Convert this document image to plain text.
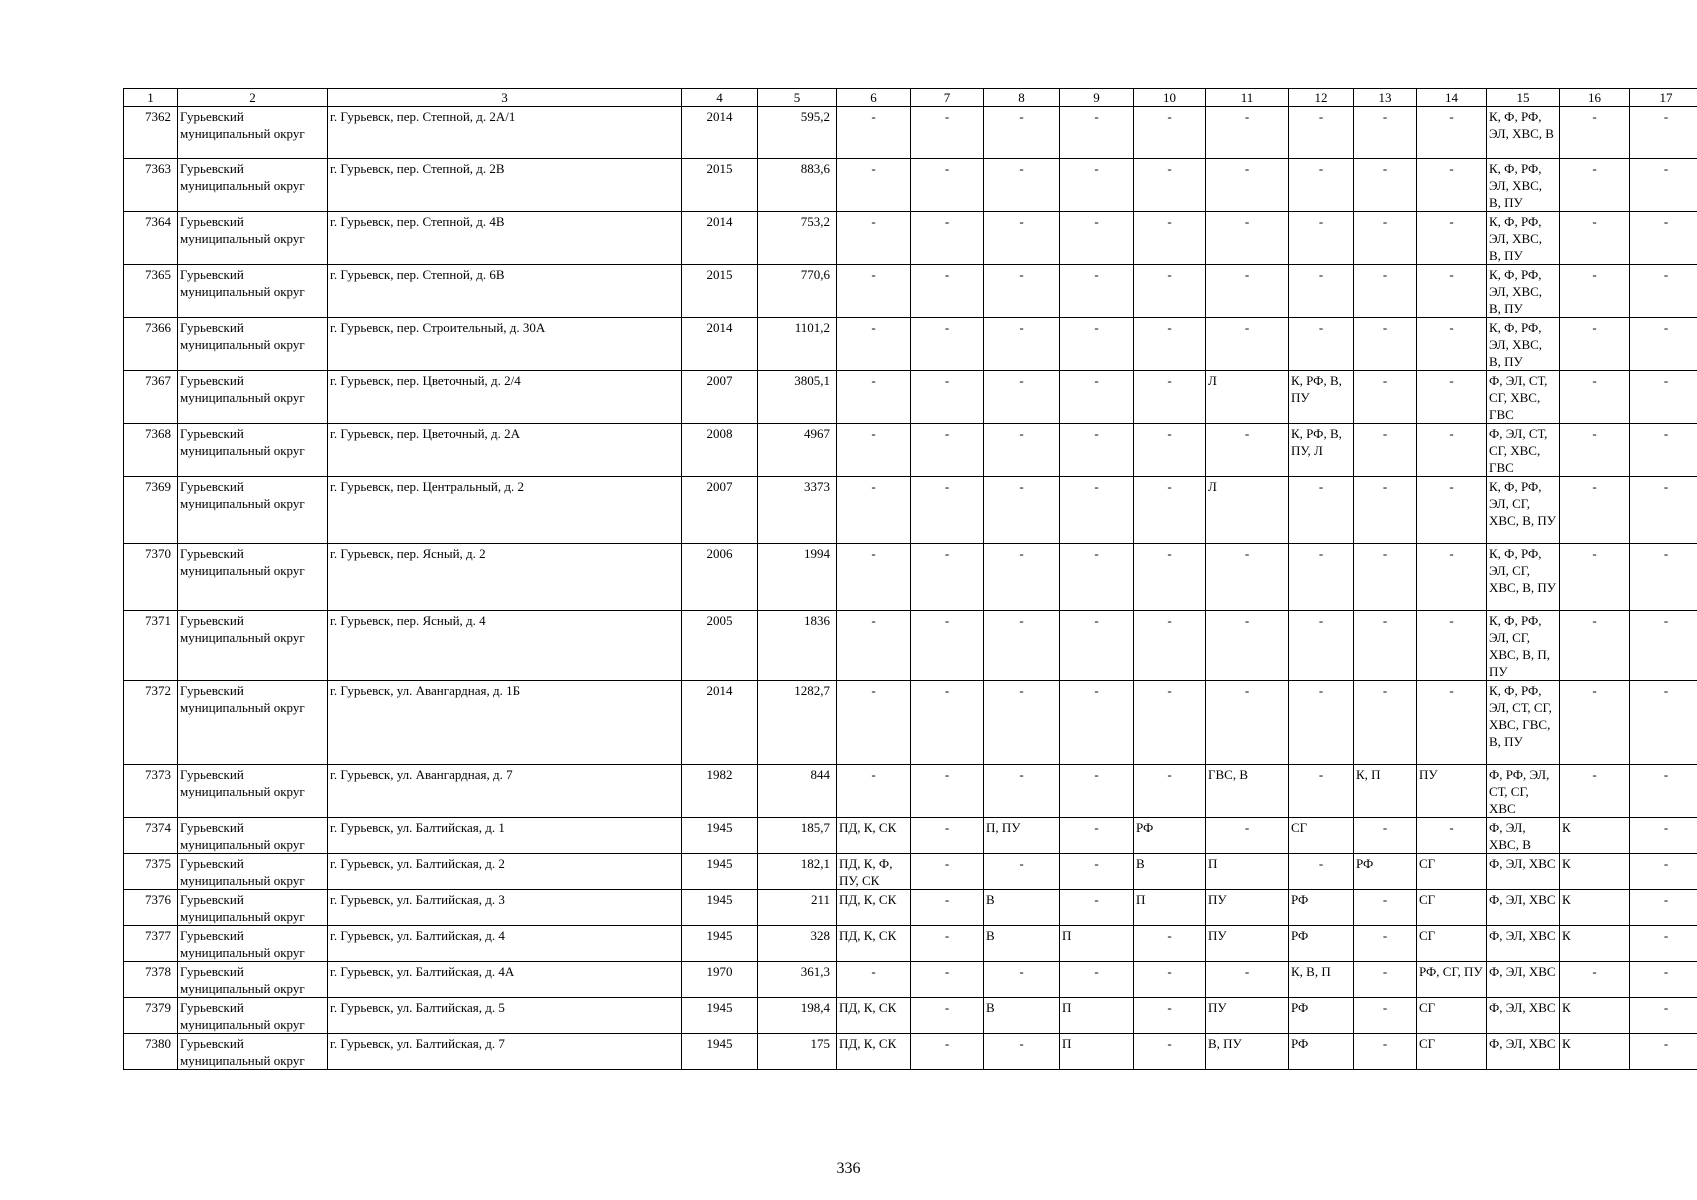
1	2	3	4	5	6	7	8	9	10	11	12	13	14	15	16	17
7362	Гурьевский муниципальный округ	г. Гурьевск, пер. Степной, д. 2А/1	2014	595,2	-	-	-	-	-	-	-	-	-	К, Ф, РФ, ЭЛ, ХВС, В	-	-
7363	Гурьевский муниципальный округ	г. Гурьевск, пер. Степной, д. 2В	2015	883,6	-	-	-	-	-	-	-	-	-	К, Ф, РФ, ЭЛ, ХВС, В, ПУ	-	-
7364	Гурьевский муниципальный округ	г. Гурьевск, пер. Степной, д. 4В	2014	753,2	-	-	-	-	-	-	-	-	-	К, Ф, РФ, ЭЛ, ХВС, В, ПУ	-	-
7365	Гурьевский муниципальный округ	г. Гурьевск, пер. Степной, д. 6В	2015	770,6	-	-	-	-	-	-	-	-	-	К, Ф, РФ, ЭЛ, ХВС, В, ПУ	-	-
7366	Гурьевский муниципальный округ	г. Гурьевск, пер. Строительный, д. 30А	2014	1101,2	-	-	-	-	-	-	-	-	-	К, Ф, РФ, ЭЛ, ХВС, В, ПУ	-	-
7367	Гурьевский муниципальный округ	г. Гурьевск, пер. Цветочный, д. 2/4	2007	3805,1	-	-	-	-	-	Л	К, РФ, В, ПУ	-	-	Ф, ЭЛ, СТ, СГ, ХВС, ГВС	-	-
7368	Гурьевский муниципальный округ	г. Гурьевск, пер. Цветочный, д. 2А	2008	4967	-	-	-	-	-	-	К, РФ, В, ПУ, Л	-	-	Ф, ЭЛ, СТ, СГ, ХВС, ГВС	-	-
7369	Гурьевский муниципальный округ	г. Гурьевск, пер. Центральный, д. 2	2007	3373	-	-	-	-	-	Л	-	-	-	К, Ф, РФ, ЭЛ, СГ, ХВС, В, ПУ	-	-
7370	Гурьевский муниципальный округ	г. Гурьевск, пер. Ясный, д. 2	2006	1994	-	-	-	-	-	-	-	-	-	К, Ф, РФ, ЭЛ, СГ, ХВС, В, ПУ	-	-
7371	Гурьевский муниципальный округ	г. Гурьевск, пер. Ясный, д. 4	2005	1836	-	-	-	-	-	-	-	-	-	К, Ф, РФ, ЭЛ, СГ, ХВС, В, П, ПУ	-	-
7372	Гурьевский муниципальный округ	г. Гурьевск, ул. Авангардная, д. 1Б	2014	1282,7	-	-	-	-	-	-	-	-	-	К, Ф, РФ, ЭЛ, СТ, СГ, ХВС, ГВС, В, ПУ	-	-
7373	Гурьевский муниципальный округ	г. Гурьевск, ул. Авангардная, д. 7	1982	844	-	-	-	-	-	ГВС, В	-	К, П	ПУ	Ф, РФ, ЭЛ, СТ, СГ, ХВС	-	-
7374	Гурьевский муниципальный округ	г. Гурьевск, ул. Балтийская, д. 1	1945	185,7	ПД, К, СК	-	П, ПУ	-	РФ	-	СГ	-	-	Ф, ЭЛ, ХВС, В	К	-
7375	Гурьевский муниципальный округ	г. Гурьевск, ул. Балтийская, д. 2	1945	182,1	ПД, К, Ф, ПУ, СК	-	-	-	В	П	-	РФ	СГ	Ф, ЭЛ, ХВС	К	-
7376	Гурьевский муниципальный округ	г. Гурьевск, ул. Балтийская, д. 3	1945	211	ПД, К, СК	-	В	-	П	ПУ	РФ	-	СГ	Ф, ЭЛ, ХВС	К	-
7377	Гурьевский муниципальный округ	г. Гурьевск, ул. Балтийская, д. 4	1945	328	ПД, К, СК	-	В	П	-	ПУ	РФ	-	СГ	Ф, ЭЛ, ХВС	К	-
7378	Гурьевский муниципальный округ	г. Гурьевск, ул. Балтийская, д. 4А	1970	361,3	-	-	-	-	-	-	К, В, П	-	РФ, СГ, ПУ	Ф, ЭЛ, ХВС	-	-
7379	Гурьевский муниципальный округ	г. Гурьевск, ул. Балтийская, д. 5	1945	198,4	ПД, К, СК	-	В	П	-	ПУ	РФ	-	СГ	Ф, ЭЛ, ХВС	К	-
7380	Гурьевский муниципальный округ	г. Гурьевск, ул. Балтийская, д. 7	1945	175	ПД, К, СК	-	-	П	-	В, ПУ	РФ	-	СГ	Ф, ЭЛ, ХВС	К	-
336
